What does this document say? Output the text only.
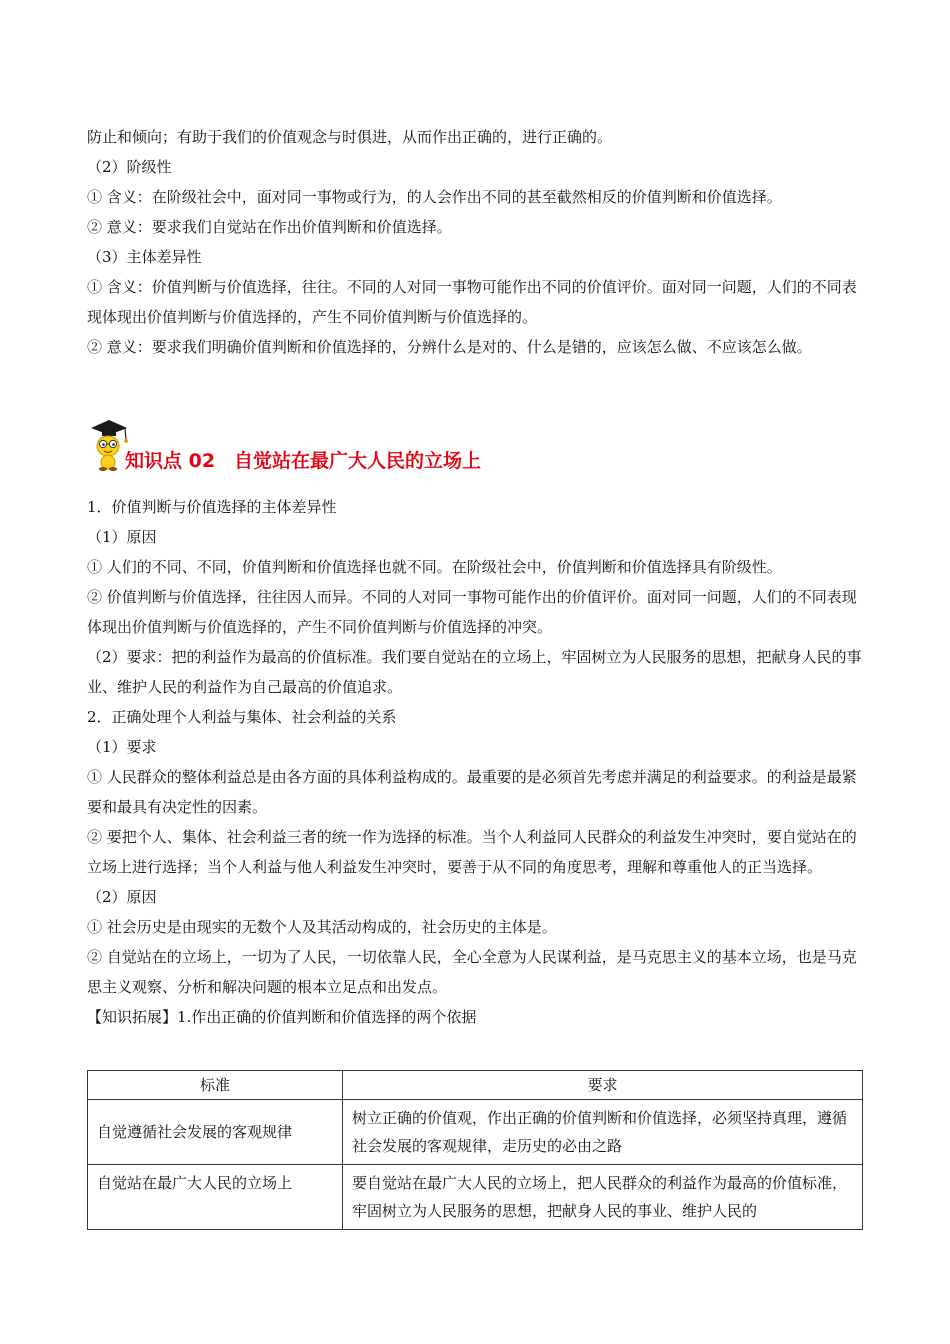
防止和倾向；有助于我们的价值观念与时俱进，从而作出正确的，进行正确的。

（2）阶级性

① 含义：在阶级社会中，面对同一事物或行为，的人会作出不同的甚至截然相反的价值判断和价值选择。

② 意义：要求我们自觉站在作出价值判断和价值选择。

（3）主体差异性

① 含义：价值判断与价值选择，往往。不同的人对同一事物可能作出不同的价值评价。面对同一问题，人们的不同表现体现出价值判断与价值选择的，产生不同价值判断与价值选择的。

② 意义：要求我们明确价值判断和价值选择的，分辨什么是对的、什么是错的，应该怎么做、不应该怎么做。

知识点 02　自觉站在最广大人民的立场上

1．价值判断与价值选择的主体差异性

（1）原因

① 人们的不同、不同，价值判断和价值选择也就不同。在阶级社会中，价值判断和价值选择具有阶级性。

② 价值判断与价值选择，往往因人而异。不同的人对同一事物可能作出的价值评价。面对同一问题，人们的不同表现体现出价值判断与价值选择的，产生不同价值判断与价值选择的冲突。

（2）要求：把的利益作为最高的价值标准。我们要自觉站在的立场上，牢固树立为人民服务的思想，把献身人民的事业、维护人民的利益作为自己最高的价值追求。

2．正确处理个人利益与集体、社会利益的关系

（1）要求

① 人民群众的整体利益总是由各方面的具体利益构成的。最重要的是必须首先考虑并满足的利益要求。的利益是最紧要和最具有决定性的因素。

② 要把个人、集体、社会利益三者的统一作为选择的标准。当个人利益同人民群众的利益发生冲突时，要自觉站在的立场上进行选择；当个人利益与他人利益发生冲突时，要善于从不同的角度思考，理解和尊重他人的正当选择。

（2）原因

① 社会历史是由现实的无数个人及其活动构成的，社会历史的主体是。

② 自觉站在的立场上，一切为了人民，一切依靠人民，全心全意为人民谋利益，是马克思主义的基本立场，也是马克思主义观察、分析和解决问题的根本立足点和出发点。

【知识拓展】1.作出正确的价值判断和价值选择的两个依据

标准	要求
自觉遵循社会发展的客观规律	树立正确的价值观，作出正确的价值判断和价值选择，必须坚持真理，遵循社会发展的客观规律，走历史的必由之路
自觉站在最广大人民的立场上	要自觉站在最广大人民的立场上，把人民群众的利益作为最高的价值标准，牢固树立为人民服务的思想，把献身人民的事业、维护人民的
